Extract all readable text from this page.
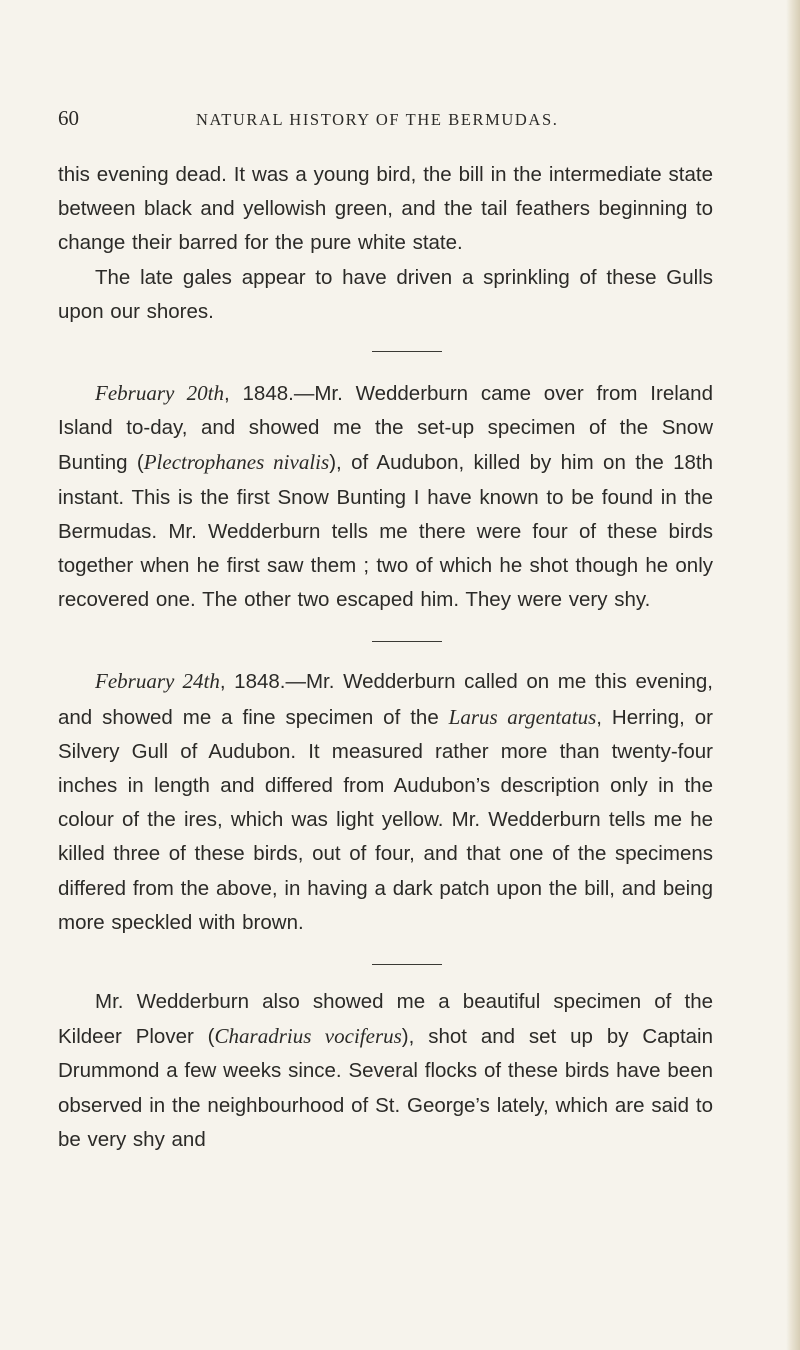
60	NATURAL HISTORY OF THE BERMUDAS.

this evening dead. It was a young bird, the bill in the intermediate state between black and yellowish green, and the tail feathers beginning to change their barred for the pure white state.

The late gales appear to have driven a sprinkling of these Gulls upon our shores.

February 20th, 1848.—Mr. Wedderburn came over from Ireland Island to-day, and showed me the set-up specimen of the Snow Bunting (Plectrophanes nivalis), of Audubon, killed by him on the 18th instant. This is the first Snow Bunting I have known to be found in the Bermudas. Mr. Wedderburn tells me there were four of these birds together when he first saw them ; two of which he shot though he only recovered one. The other two escaped him. They were very shy.

February 24th, 1848.—Mr. Wedderburn called on me this evening, and showed me a fine specimen of the Larus argentatus, Herring, or Silvery Gull of Audubon. It measured rather more than twenty-four inches in length and differed from Audubon’s description only in the colour of the ires, which was light yellow. Mr. Wedderburn tells me he killed three of these birds, out of four, and that one of the specimens differed from the above, in having a dark patch upon the bill, and being more speckled with brown.

Mr. Wedderburn also showed me a beautiful specimen of the Kildeer Plover (Charadrius vociferus), shot and set up by Captain Drummond a few weeks since. Several flocks of these birds have been observed in the neighbourhood of St. George’s lately, which are said to be very shy and
